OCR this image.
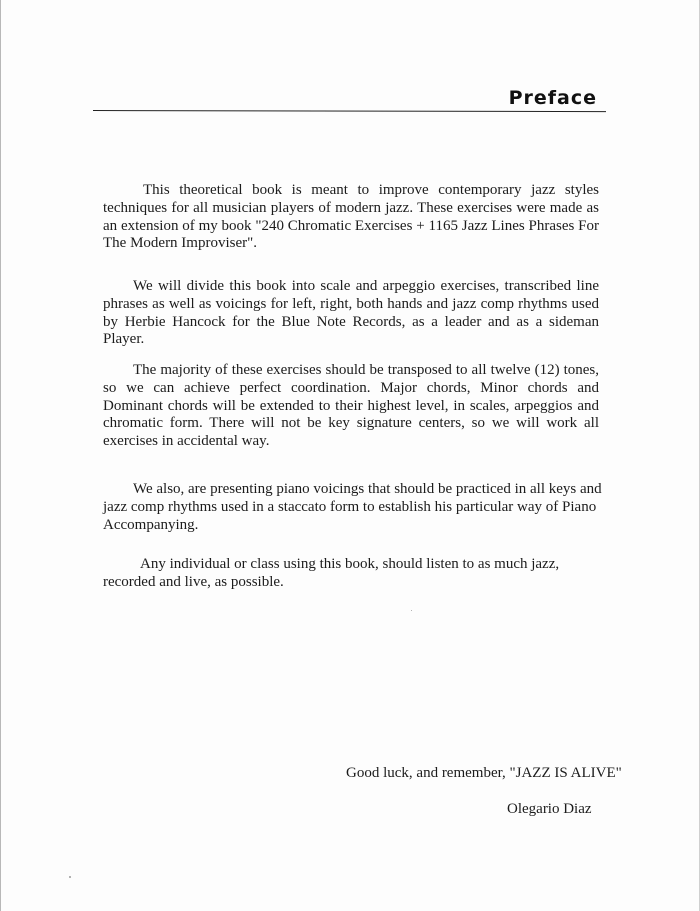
Preface

This theoretical book is meant to improve contemporary jazz styles techniques for all musician players of modern jazz. These exercises were made as an extension of my book "240 Chromatic Exercises + 1165 Jazz Lines Phrases For The Modern Improviser".

We will divide this book into scale and arpeggio exercises, transcribed line phrases as well as voicings for left, right, both hands and jazz comp rhythms used by Herbie Hancock for the Blue Note Records, as a leader and as a sideman Player.

The majority of these exercises should be transposed to all twelve (12) tones, so we can achieve perfect coordination. Major chords, Minor chords and Dominant chords will be extended to their highest level, in scales, arpeggios and chromatic form. There will not be key signature centers, so we will work all exercises in accidental way.

We also, are presenting piano voicings that should be practiced in all keys and jazz comp rhythms used in a staccato form to establish his particular way of Piano Accompanying.

Any individual or class using this book, should listen to as much jazz, recorded and live, as possible.

Good luck, and remember, "JAZZ IS ALIVE"

Olegario Diaz
